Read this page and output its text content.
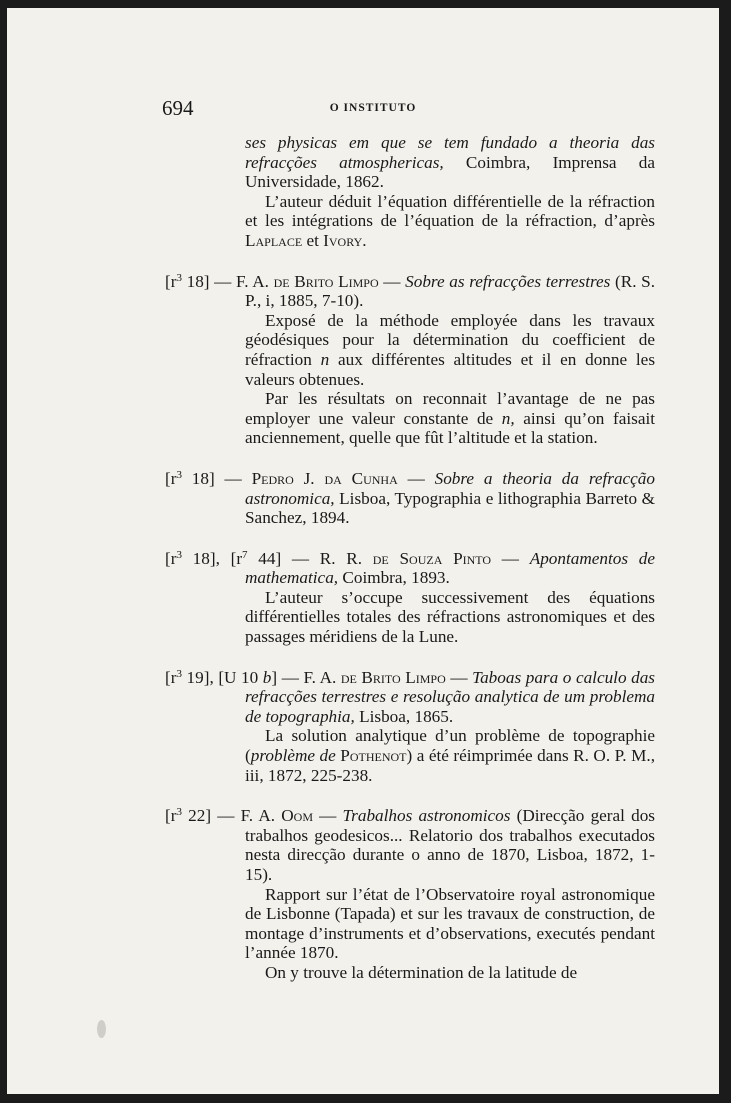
694	O INSTITUTO
ses physicas em que se tem fundado a theoria das refracções atmosphericas, Coimbra, Imprensa da Universidade, 1862.
L’auteur déduit l’équation différentielle de la réfraction et les intégrations de l’équation de la réfraction, d’après Laplace et Ivory.
[$r^3$ 18] — F. A. de Brito Limpo — Sobre as refracções terrestres (R. S. P., i, 1885, 7-10).
Exposé de la méthode employée dans les travaux géodésiques pour la détermination du coefficient de réfraction n aux différentes altitudes et il en donne les valeurs obtenues.
Par les résultats on reconnait l’avantage de ne pas employer une valeur constante de n, ainsi qu’on faisait anciennement, quelle que fût l’altitude et la station.
[$r^3$ 18] — Pedro J. da Cunha — Sobre a theoria da refracção astronomica, Lisboa, Typographia e lithographia Barreto & Sanchez, 1894.
[$r^3$ 18], [$r^7$ 44] — R. R. de Souza Pinto — Apontamentos de mathematica, Coimbra, 1893.
L’auteur s’occupe successivement des équations différentielles totales des réfractions astronomiques et des passages méridiens de la Lune.
[$r^3$ 19], [U 10 b] — F. A. de Brito Limpo — Taboas para o calculo das refracções terrestres e resolução analytica de um problema de topographia, Lisboa, 1865.
La solution analytique d’un problème de topographie (problème de Pothenot) a été réimprimée dans R. O. P. M., iii, 1872, 225-238.
[$r^3$ 22] — F. A. Oom — Trabalhos astronomicos (Direcção geral dos trabalhos geodesicos... Relatorio dos trabalhos executados nesta direcção durante o anno de 1870, Lisboa, 1872, 1-15).
Rapport sur l’état de l’Observatoire royal astronomique de Lisbonne (Tapada) et sur les travaux de construction, de montage d’instruments et d’observations, executés pendant l’année 1870.
On y trouve la détermination de la latitude de
